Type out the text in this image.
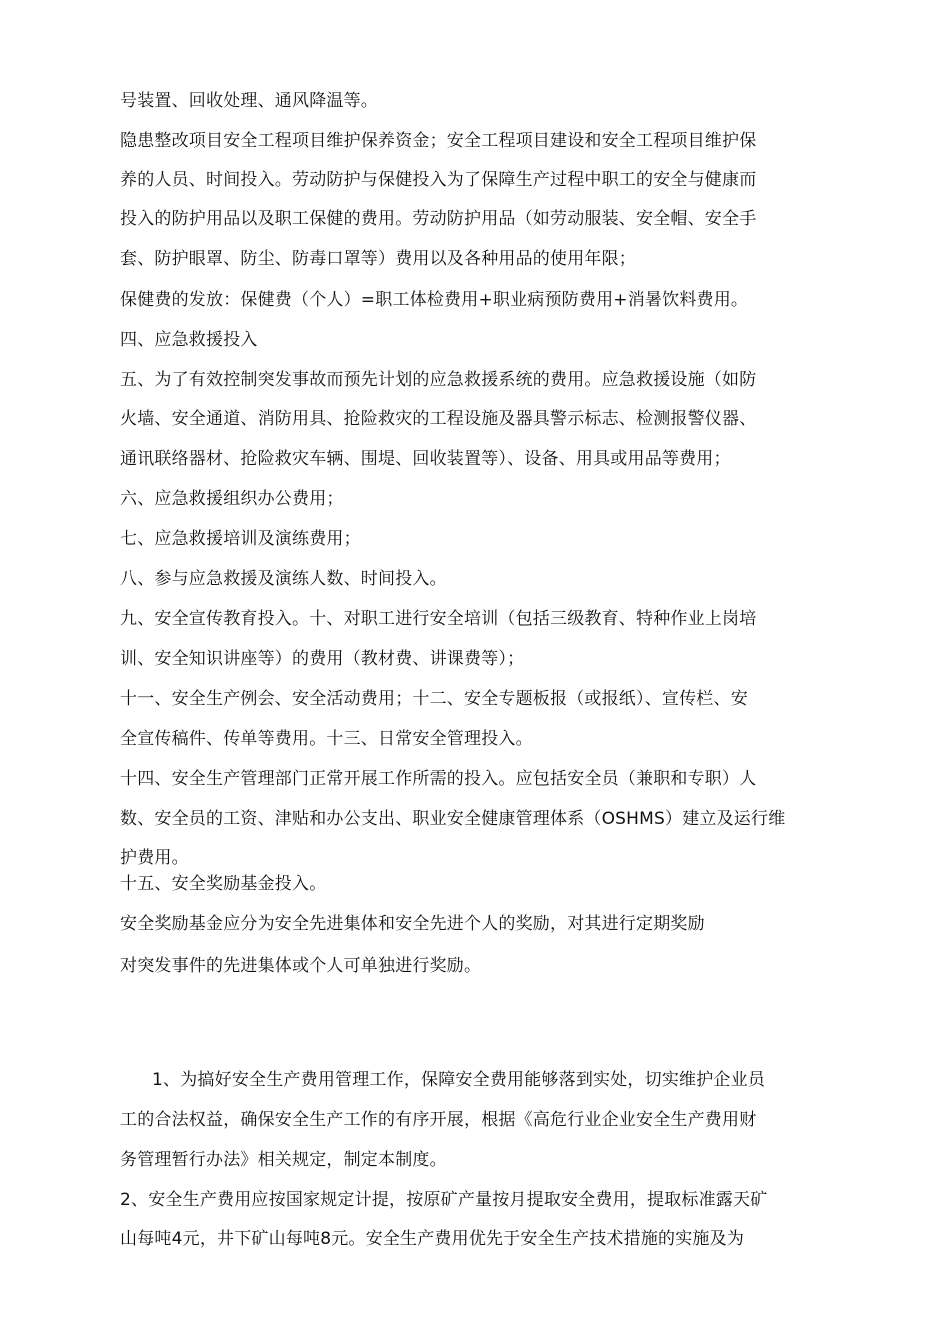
号装置、回收处理、通风降温等。
隐患整改项目安全工程项目维护保养资金；安全工程项目建设和安全工程项目维护保
养的人员、时间投入。劳动防护与保健投入为了保障生产过程中职工的安全与健康而
投入的防护用品以及职工保健的费用。劳动防护用品（如劳动服装、安全帽、安全手
套、防护眼罩、防尘、防毒口罩等）费用以及各种用品的使用年限；
保健费的发放：保健费（个人）=职工体检费用+职业病预防费用+消暑饮料费用。
四、应急救援投入
五、为了有效控制突发事故而预先计划的应急救援系统的费用。应急救援设施（如防
火墙、安全通道、消防用具、抢险救灾的工程设施及器具警示标志、检测报警仪器、
通讯联络器材、抢险救灾车辆、围堤、回收装置等）、设备、用具或用品等费用；
六、应急救援组织办公费用；
七、应急救援培训及演练费用；
八、参与应急救援及演练人数、时间投入。
九、安全宣传教育投入。十、对职工进行安全培训（包括三级教育、特种作业上岗培
训、安全知识讲座等）的费用（教材费、讲课费等）；
十一、安全生产例会、安全活动费用；十二、安全专题板报（或报纸）、宣传栏、安
全宣传稿件、传单等费用。十三、日常安全管理投入。
十四、安全生产管理部门正常开展工作所需的投入。应包括安全员（兼职和专职）人
数、安全员的工资、津贴和办公支出、职业安全健康管理体系（OSHMS）建立及运行维
护费用。
十五、安全奖励基金投入。
安全奖励基金应分为安全先进集体和安全先进个人的奖励，对其进行定期奖励
对突发事件的先进集体或个人可单独进行奖励。
1、为搞好安全生产费用管理工作，保障安全费用能够落到实处，切实维护企业员
工的合法权益，确保安全生产工作的有序开展，根据《高危行业企业安全生产费用财
务管理暂行办法》相关规定，制定本制度。
2、安全生产费用应按国家规定计提，按原矿产量按月提取安全费用，提取标准露天矿
山每吨4元，井下矿山每吨8元。安全生产费用优先于安全生产技术措施的实施及为
